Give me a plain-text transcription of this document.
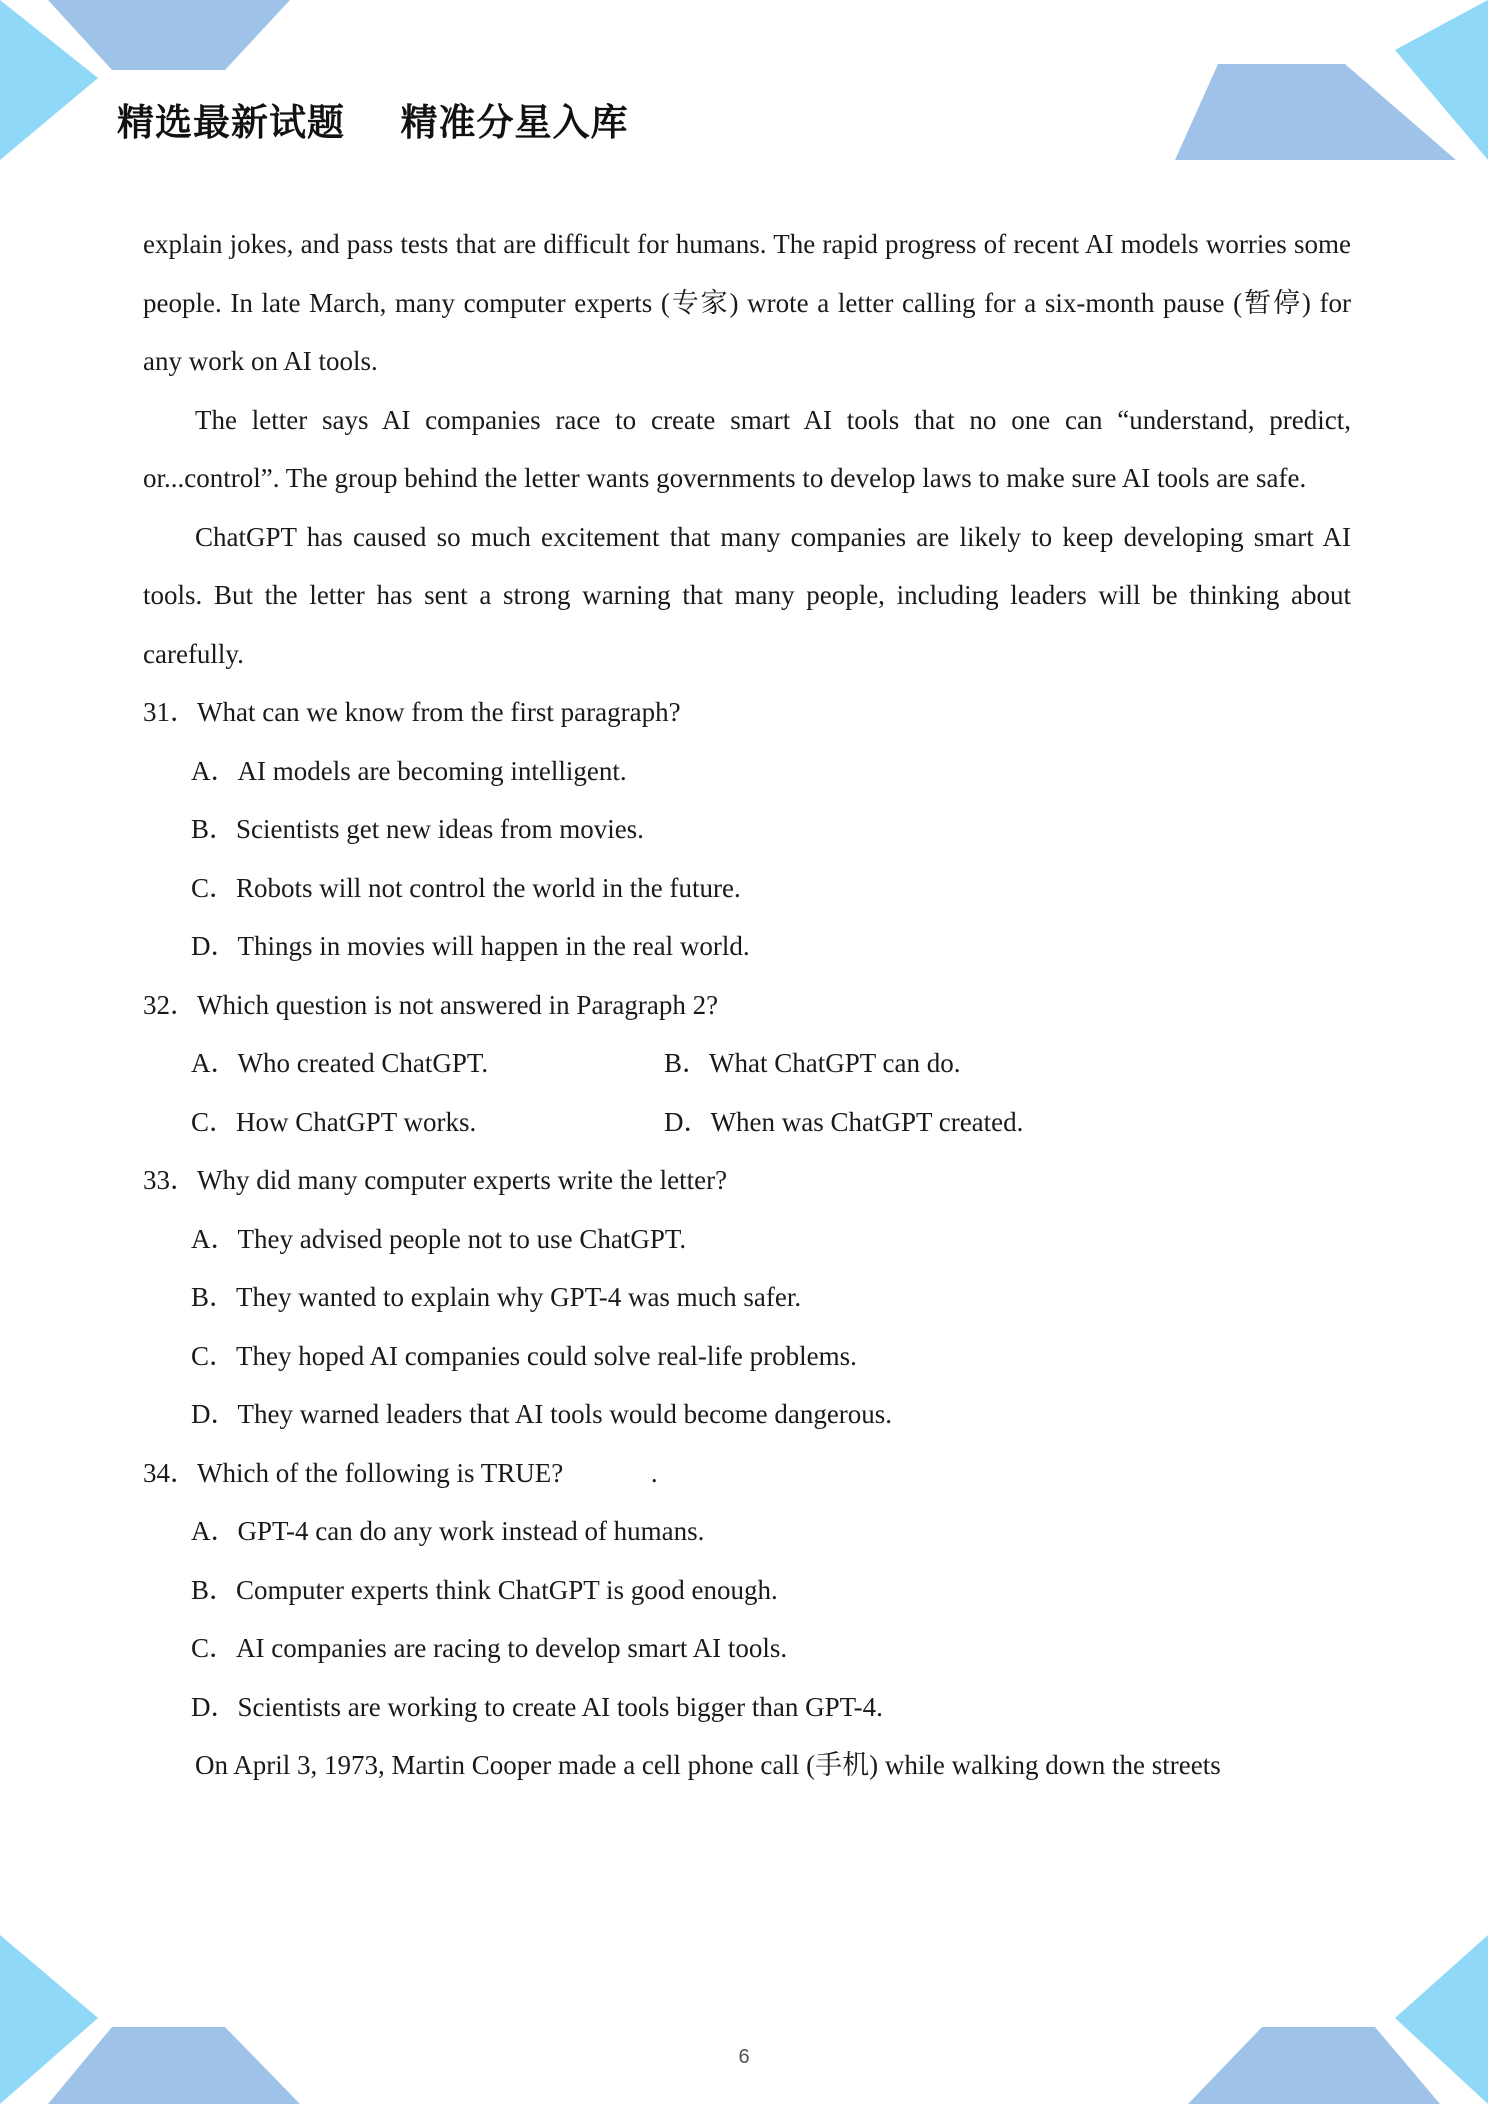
精选最新试题    精准分星入库

explain jokes, and pass tests that are difficult for humans. The rapid progress of recent AI models worries some people. In late March, many computer experts (专家) wrote a letter calling for a six-month pause (暂停) for any work on AI tools.

The letter says AI companies race to create smart AI tools that no one can “understand, predict, or...control”. The group behind the letter wants governments to develop laws to make sure AI tools are safe.

ChatGPT has caused so much excitement that many companies are likely to keep developing smart AI tools. But the letter has sent a strong warning that many people, including leaders will be thinking about carefully.

31．What can we know from the first paragraph?

A．AI models are becoming intelligent.

B．Scientists get new ideas from movies.

C．Robots will not control the world in the future.

D．Things in movies will happen in the real world.

32．Which question is not answered in Paragraph 2?

A．Who created ChatGPT.	B．What ChatGPT can do.
C．How ChatGPT works.	D．When was ChatGPT created.

33．Why did many computer experts write the letter?

A．They advised people not to use ChatGPT.

B．They wanted to explain why GPT-4 was much safer.

C．They hoped AI companies could solve real-life problems.

D．They warned leaders that AI tools would become dangerous.

34．Which of the following is TRUE?             .

A．GPT-4 can do any work instead of humans.

B．Computer experts think ChatGPT is good enough.

C．AI companies are racing to develop smart AI tools.

D．Scientists are working to create AI tools bigger than GPT-4.

On April 3, 1973, Martin Cooper made a cell phone call (手机) while walking down the streets

6
